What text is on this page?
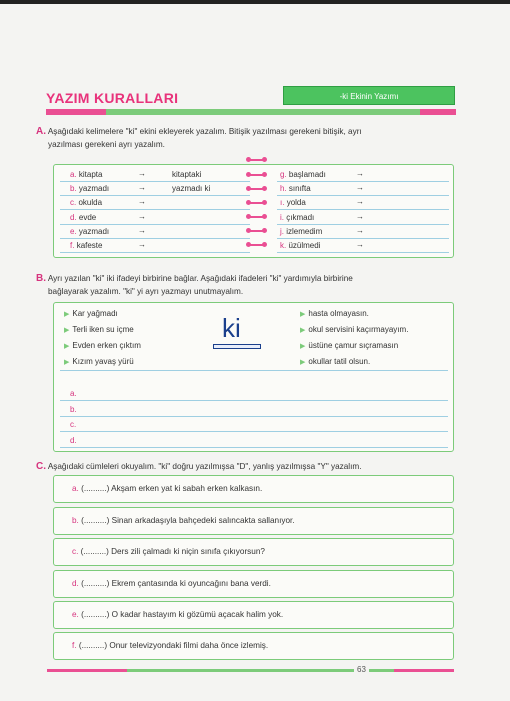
YAZIM KURALLARI	-ki Ekinin Yazımı
A. Aşağıdaki kelimelere "ki" ekini ekleyerek yazalım. Bitişik yazılması gerekeni bitişik, ayrı
yazılması gerekeni ayrı yazalım.
a. kitapta	→	kitaptaki	g. başlamadı	→
b. yazmadı	→	yazmadı ki	h. sınıfta	→
c. okulda	→	ı. yolda	→
d. evde	→	i. çıkmadı	→
e. yazmadı	→	j. izlemedim	→
f. kafeste	→	k. üzülmedi	→
B. Ayrı yazılan "ki" iki ifadeyi birbirine bağlar. Aşağıdaki ifadeleri "ki" yardımıyla birbirine
bağlayarak yazalım. "ki" yi ayrı yazmayı unutmayalım.
▶ Kar yağmadı
▶ Terli iken su içme
▶ Evden erken çıktım
▶ Kızım yavaş yürü
▶ hasta olmayasın.
▶ okul servisini kaçırmayayım.
▶ üstüne çamur sıçramasın
▶ okullar tatil olsun.
ki
a.
b.
c.
d.
C. Aşağıdaki cümleleri okuyalım. "ki" doğru yazılmışsa "D", yanlış yazılmışsa "Y" yazalım.
a. (..........) Akşam erken yat ki sabah erken kalkasın.
b. (..........) Sinan arkadaşıyla bahçedeki salıncakta sallanıyor.
c. (..........) Ders zili çalmadı ki niçin sınıfa çıkıyorsun?
d. (..........) Ekrem çantasında ki oyuncağını bana verdi.
e. (..........) O kadar hastayım ki gözümü açacak halim yok.
f. (..........) Onur televizyondaki filmi daha önce izlemiş.
63
